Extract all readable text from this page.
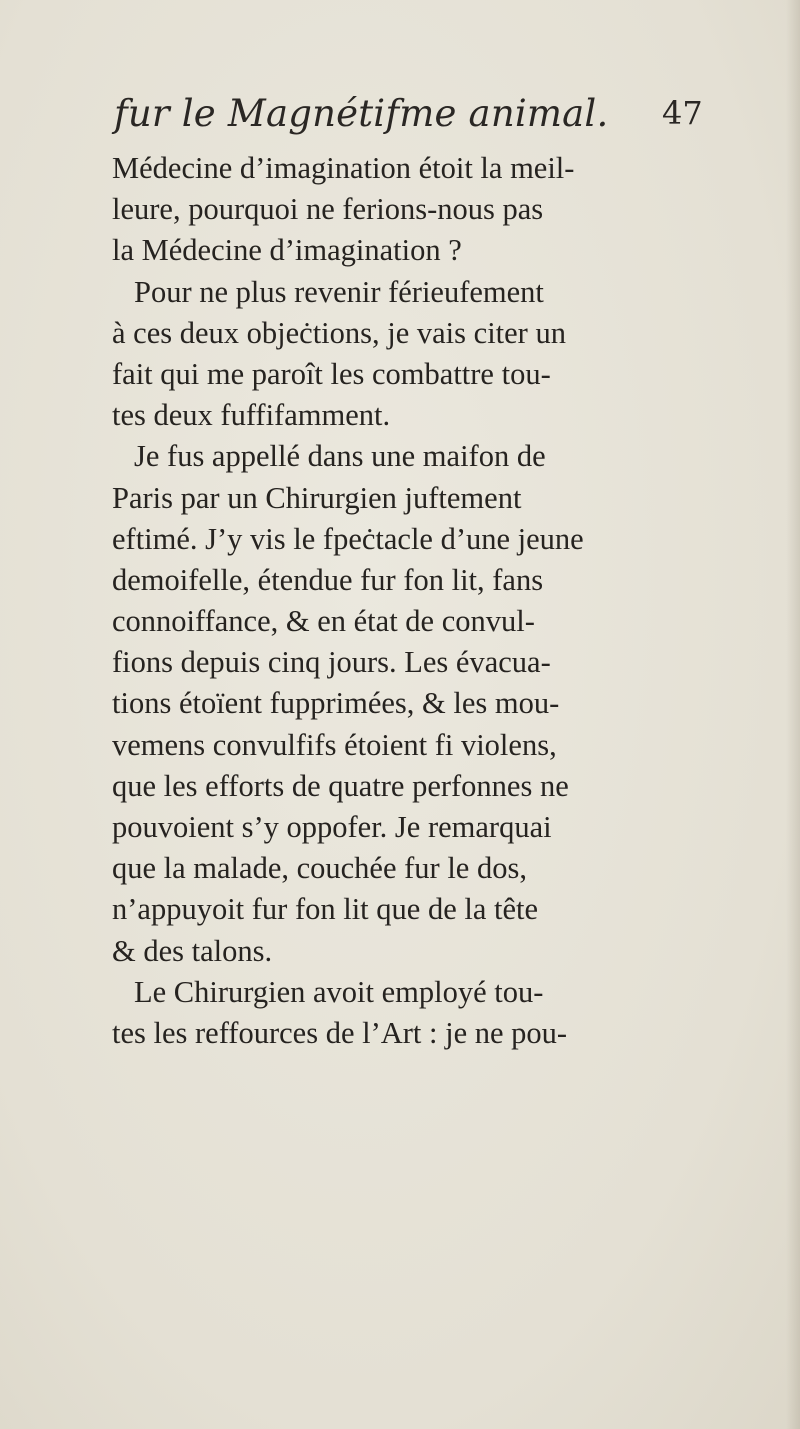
fur le Magnétifme animal. 47
Médecine d’imagination étoit la meil-
leure, pourquoi ne ferions-nous pas
la Médecine d’imagination ?
Pour ne plus revenir férieufement
à ces deux objeċtions, je vais citer un
fait qui me paroît les combattre tou-
tes deux fuffifamment.
Je fus appellé dans une maifon de
Paris par un Chirurgien juftement
eftimé. J’y vis le fpeċtacle d’une jeune
demoifelle, étendue fur fon lit, fans
connoiffance, & en état de convul-
fions depuis cinq jours. Les évacua-
tions étoïent fupprimées, & les mou-
vemens convulfifs étoient fi violens,
que les efforts de quatre perfonnes ne
pouvoient s’y oppofer. Je remarquai
que la malade, couchée fur le dos,
n’appuyoit fur fon lit que de la tête
& des talons.
Le Chirurgien avoit employé tou-
tes les reffources de l’Art : je ne pou-
